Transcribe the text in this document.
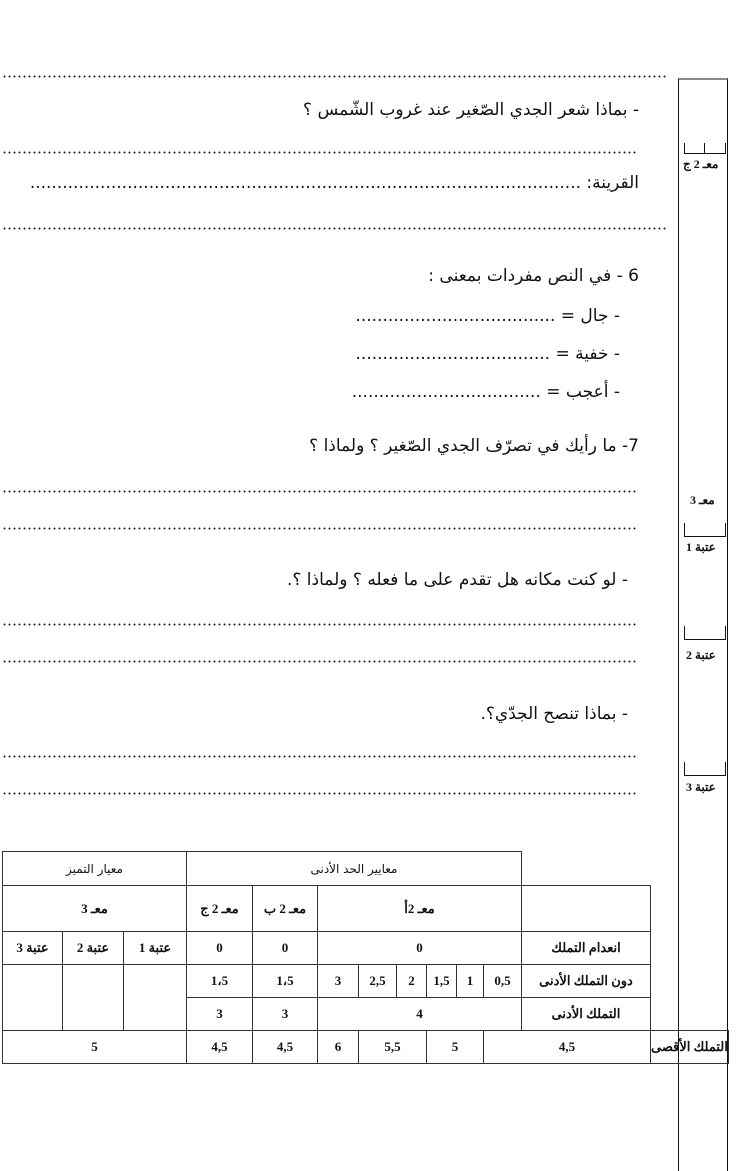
- بماذا شعر الجدي الصّغير عند غروب الشّمس ؟
القرينة: ......................................................................................................
6 - في النص مفردات بمعنى :
- جال = .....................................
- خفية = ....................................
- أعجب = ...................................
7- ما رأيك في تصرّف الجدي الصّغير ؟ ولماذا ؟
- لو كنت مكانه هل تقدم على ما فعله ؟ ولماذا ؟.
- بماذا تنصح الجدّي؟.
معـ 2 ج
معـ 3
عتبة 1
عتبة 2
عتبة 3
معيار التميز			معايير الحد الأدنى									
معـ 3			معـ 2 ج	معـ 2 ب	معـ 2أ							
عتبة 3	عتبة 2	عتبة 1	0	0	0						انعدام التملك	
			1،5	1،5	3	2,5	2	1,5	1	0,5	دون التملك الأدنى	
			3	3	4						التملك الأدنى	
5			4,5	4,5	6	5,5		5		4,5		التملك الأقصى
